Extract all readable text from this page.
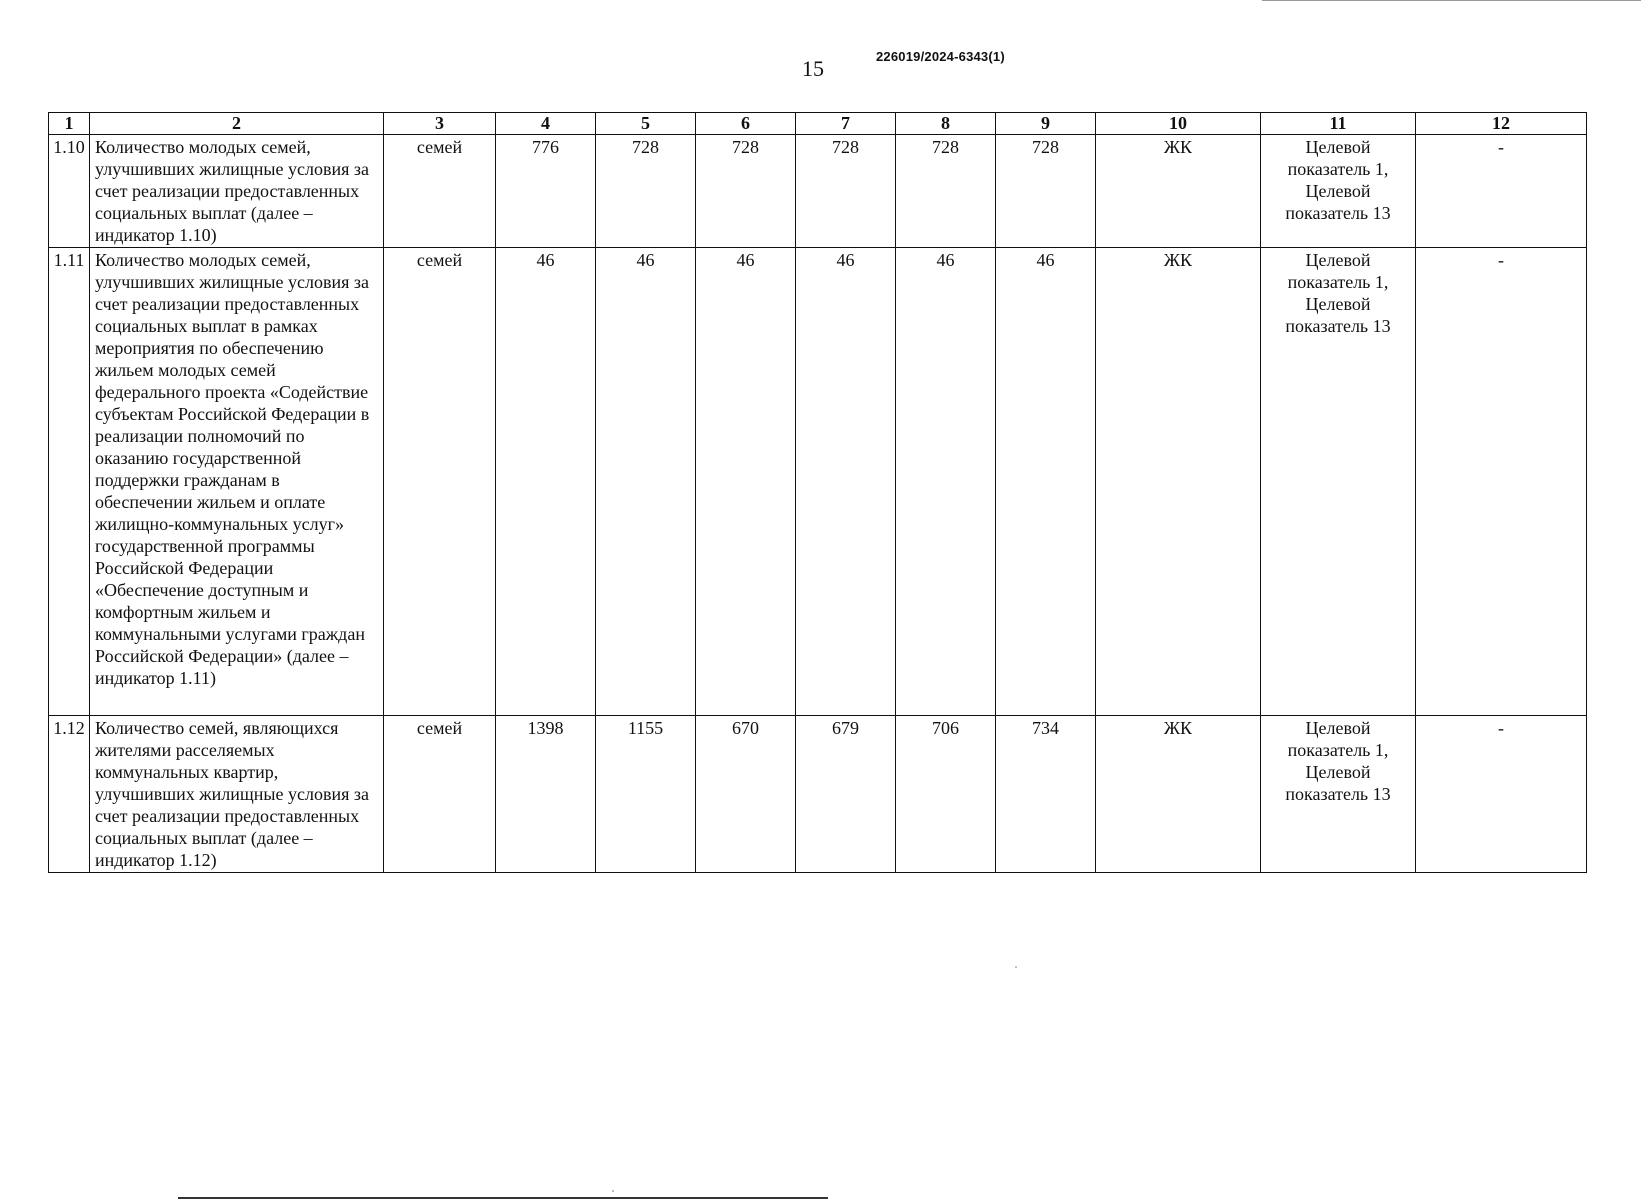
15	226019/2024-6343(1)
1	2	3	4	5	6	7	8	9	10	11	12
1.10	Количество молодых семей, улучшивших жилищные условия за счет реализации предоставленных социальных выплат (далее – индикатор 1.10)	семей	776	728	728	728	728	728	ЖК	Целевой показатель 1, Целевой показатель 13	-
1.11	Количество молодых семей, улучшивших жилищные условия за счет реализации предоставленных социальных выплат в рамках мероприятия по обеспечению жильем молодых семей федерального проекта «Содействие субъектам Российской Федерации в реализации полномочий по оказанию государственной поддержки гражданам в обеспечении жильем и оплате жилищно-коммунальных услуг» государственной программы Российской Федерации «Обеспечение доступным и комфортным жильем и коммунальными услугами граждан Российской Федерации» (далее – индикатор 1.11)	семей	46	46	46	46	46	46	ЖК	Целевой показатель 1, Целевой показатель 13	-
1.12	Количество семей, являющихся жителями расселяемых коммунальных квартир, улучшивших жилищные условия за счет реализации предоставленных социальных выплат (далее – индикатор 1.12)	семей	1398	1155	670	679	706	734	ЖК	Целевой показатель 1, Целевой показатель 13	-
